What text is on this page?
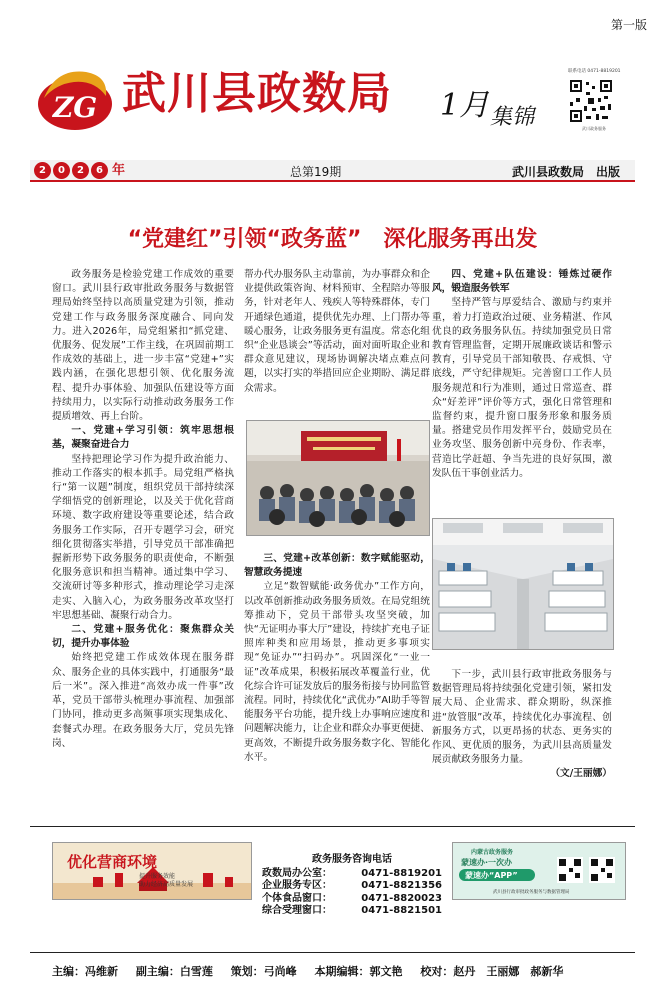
第一版
ZG 武川县政数局 1月 集锦
联系电话 0471-8819201
武川政务服务
2	0	2	6 年	总第19期	武川县政数局　出版
“党建红”引领“政务蓝”　深化服务再出发

政务服务是检验党建工作成效的重要窗口。武川县行政审批政务服务与数据管理局始终坚持以高质量党建为引领，推动党建工作与政务服务深度融合、同向发力。进入2026年，局党组紧扣“抓党建、优服务、促发展”工作主线，在巩固前期工作成效的基础上，进一步丰富“党建+”实践内涵，在强化思想引领、优化服务流程、提升办事体验、加强队伍建设等方面持续用力，以实际行动推动政务服务工作提质增效、再上台阶。

一、党建+学习引领：筑牢思想根基，凝聚奋进合力

坚持把理论学习作为提升政治能力、推动工作落实的根本抓手。局党组严格执行“第一议题”制度，组织党员干部持续深学细悟党的创新理论，以及关于优化营商环境、数字政府建设等重要论述，结合政务服务工作实际，召开专题学习会，研究细化贯彻落实举措，引导党员干部准确把握新形势下政务服务的职责使命，不断强化服务意识和担当精神。通过集中学习、交流研讨等多种形式，推动理论学习走深走实、入脑入心，为政务服务改革攻坚打牢思想基础、凝聚行动合力。

二、党建+服务优化：聚焦群众关切，提升办事体验

始终把党建工作成效体现在服务群众、服务企业的具体实践中，打通服务“最后一米”。深入推进“高效办成一件事”改革，党员干部带头梳理办事流程、加强部门协同，推动更多高频事项实现集成化、套餐式办理。在政务服务大厅，党员先锋岗、

帮办代办服务队主动靠前，为办事群众和企业提供政策咨询、材料预审、全程陪办等服务，针对老年人、残疾人等特殊群体，专门开通绿色通道，提供优先办理、上门帮办等暖心服务，让政务服务更有温度。常态化组织“企业恳谈会”等活动，面对面听取企业和群众意见建议，现场协调解决堵点难点问题，以实打实的举措回应企业期盼、满足群众需求。

三、党建+改革创新：数字赋能驱动，智慧政务提速

立足“数智赋能·政务优办”工作方向，以改革创新推动政务服务质效。在局党组统筹推动下，党员干部带头攻坚突破，加快“无证明办事大厅”建设，持续扩充电子证照库种类和应用场景，推动更多事项实现“免证办”“扫码办”。巩固深化“一业一证”改革成果，积极拓展改革覆盖行业，优化综合许可证发放后的服务衔接与协同监管流程。同时，持续优化“武优办”AI助手等智能服务平台功能，提升线上办事响应速度和问题解决能力，让企业和群众办事更便捷、更高效，不断提升政务服务数字化、智能化水平。

四、党建+队伍建设：锤炼过硬作风，锻造服务铁军

坚持严管与厚爱结合、激励与约束并重，着力打造政治过硬、业务精湛、作风优良的政务服务队伍。持续加强党员日常教育管理监督，定期开展廉政谈话和警示教育，引导党员干部知敬畏、存戒惧、守底线，严守纪律规矩。完善窗口工作人员服务规范和行为准则，通过日常巡查、群众“好差评”评价等方式，强化日常管理和监督约束，提升窗口服务形象和服务质量。搭建党员作用发挥平台，鼓励党员在业务攻坚、服务创新中亮身份、作表率，营造比学赶超、争当先进的良好氛围，激发队伍干事创业活力。

下一步，武川县行政审批政务服务与数据管理局将持续强化党建引领，紧扣发展大局、企业需求、群众期盼，纵深推进“放管服”改革，持续优化办事流程、创新服务方式，以更昂扬的状态、更务实的作风、更优质的服务，为武川县高质量发展贡献政务服务力量。

（文/王丽娜）

优化营商环境
提升服务效能
助力经济高质量发展
政务服务咨询电话
政数局办公室：	0471-8819201
企业服务专区：	0471-8821356
个体食品窗口：	0471-8820023
综合受理窗口：	0471-8821501
内蒙古政务服务
蒙速办·一次办
蒙速办“APP”
武川县行政审批政务服务与数据管理局
主编：冯维新 副主编：白雪莲 策划：弓尚峰 本期编辑：郭文艳 校对：赵丹　王丽娜　郝新华
